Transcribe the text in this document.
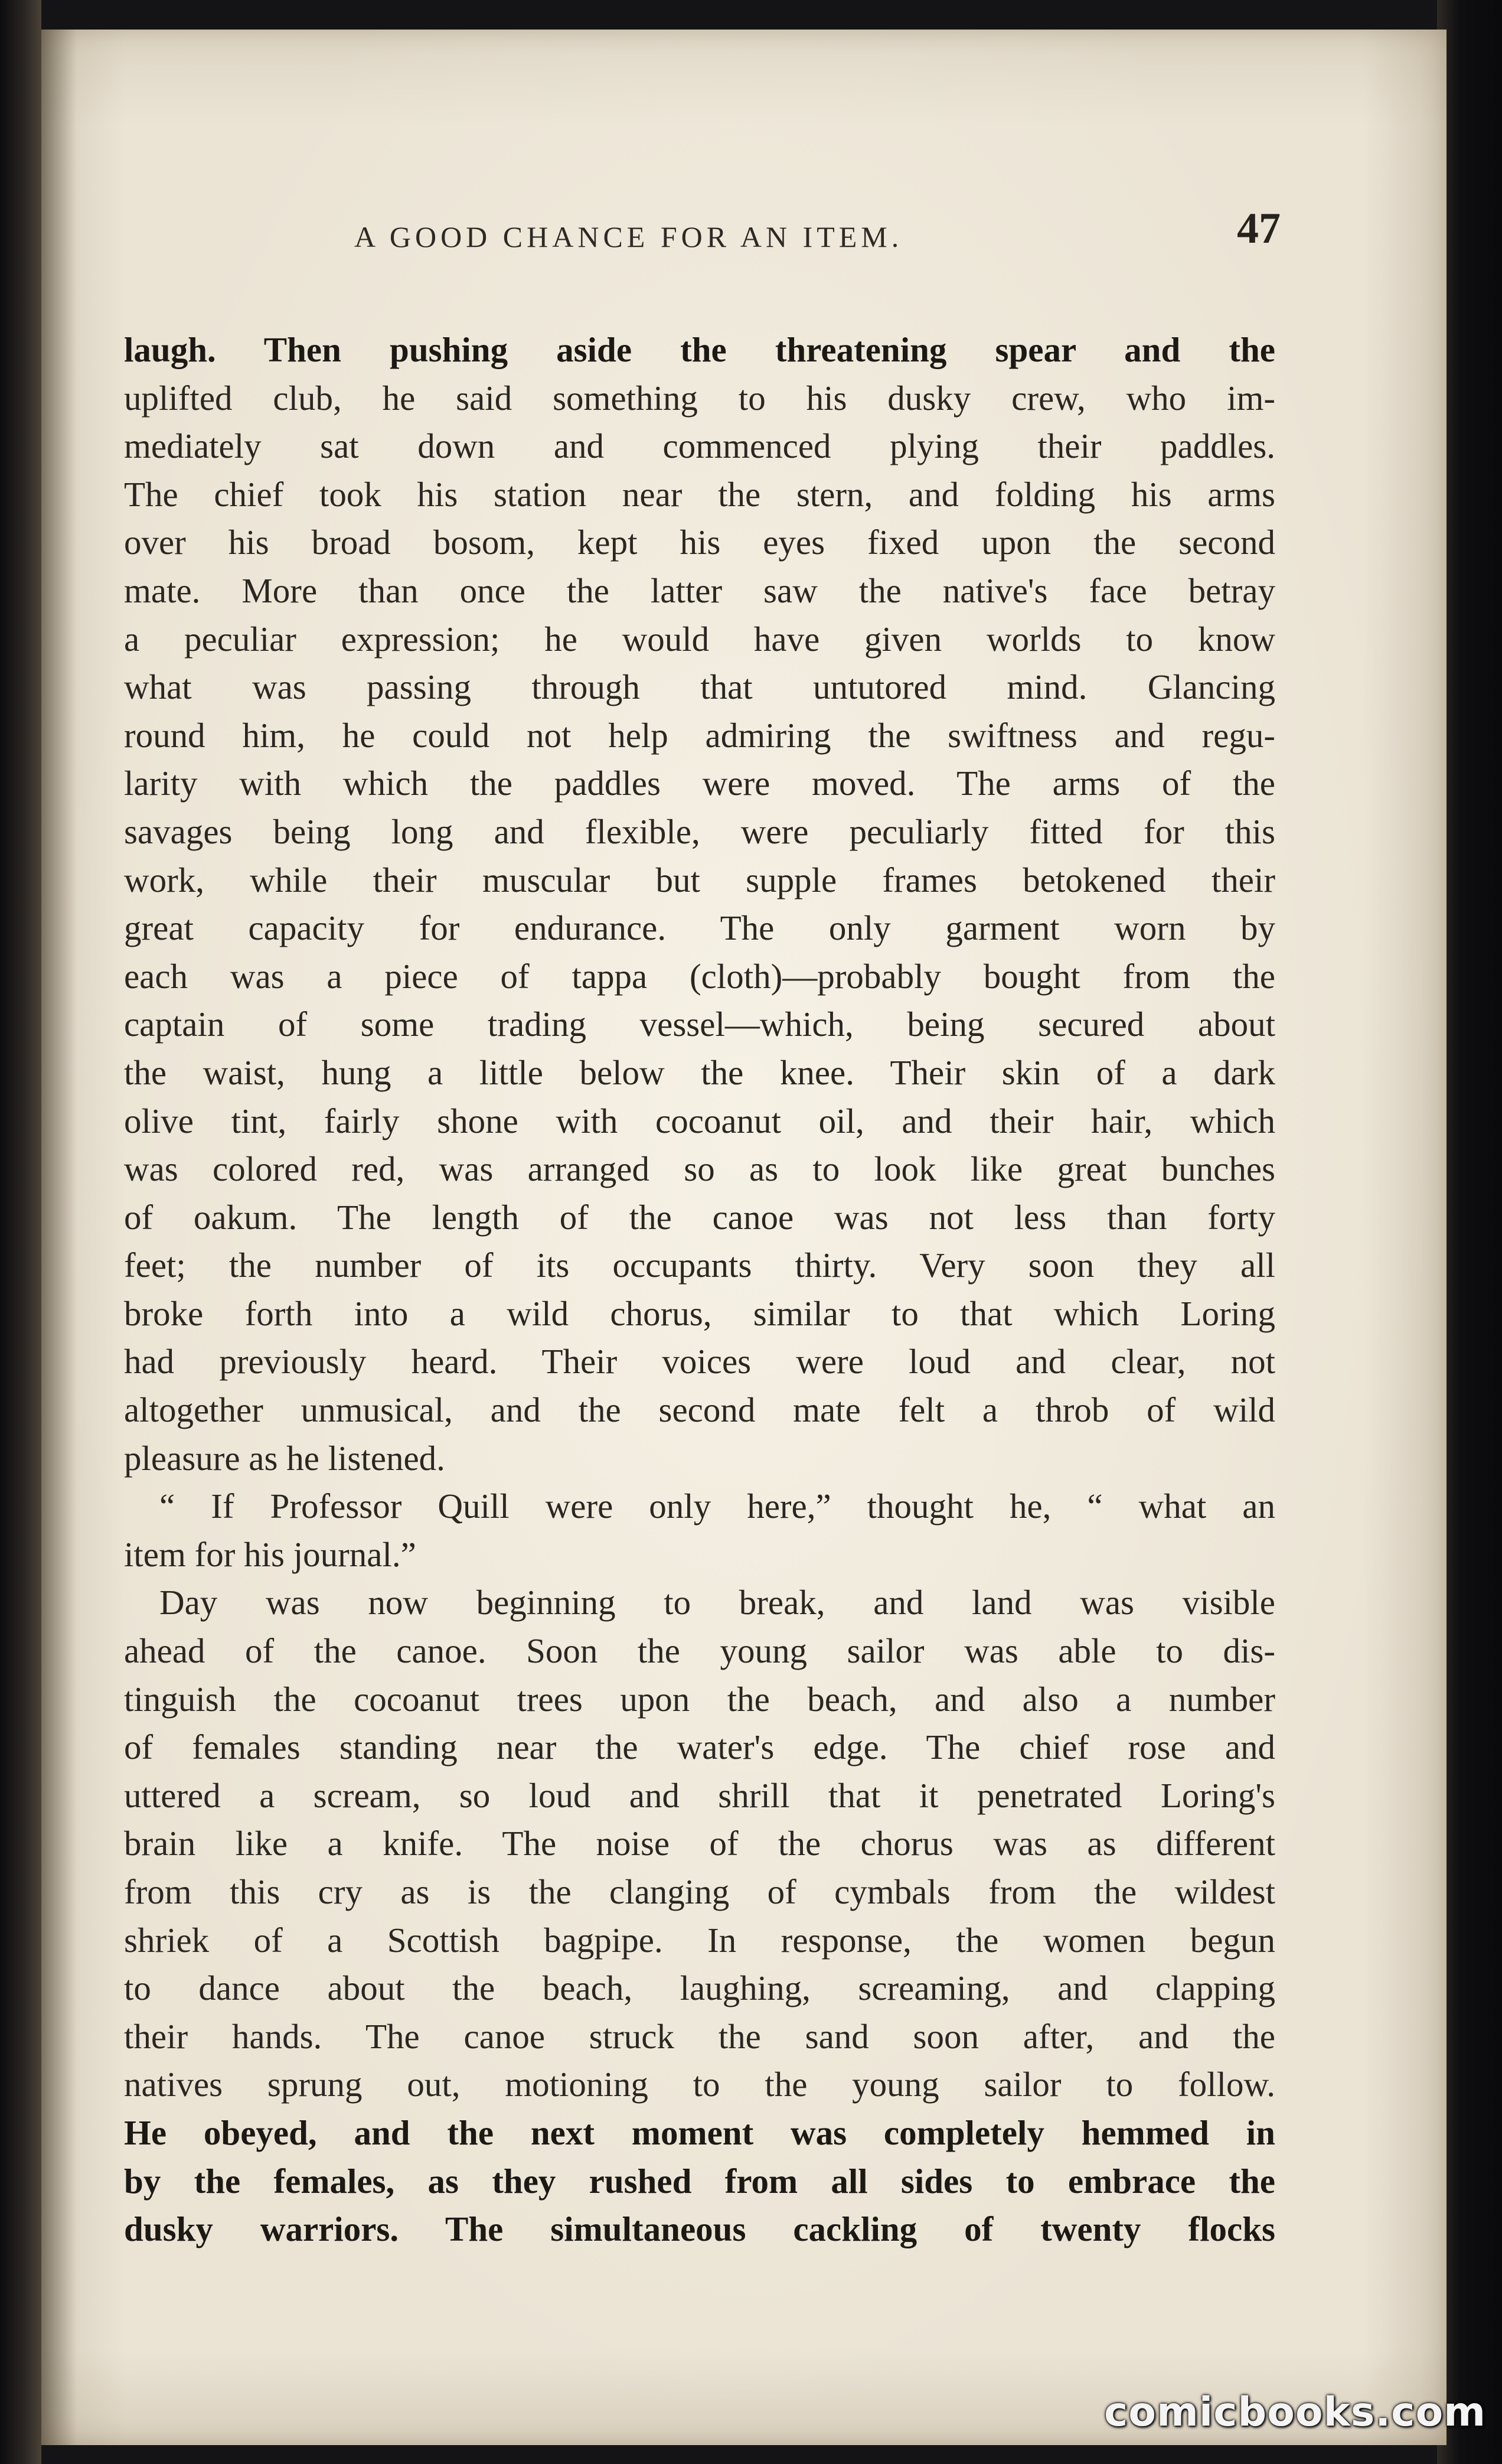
A GOOD CHANCE FOR AN ITEM.	47
laugh. Then pushing aside the threatening spear and the
uplifted club, he said something to his dusky crew, who im-
mediately sat down and commenced plying their paddles.
The chief took his station near the stern, and folding his arms
over his broad bosom, kept his eyes fixed upon the second
mate. More than once the latter saw the native's face betray
a peculiar expression; he would have given worlds to know
what was passing through that untutored mind. Glancing
round him, he could not help admiring the swiftness and regu-
larity with which the paddles were moved. The arms of the
savages being long and flexible, were peculiarly fitted for this
work, while their muscular but supple frames betokened their
great capacity for endurance. The only garment worn by
each was a piece of tappa (cloth)—probably bought from the
captain of some trading vessel—which, being secured about
the waist, hung a little below the knee. Their skin of a dark
olive tint, fairly shone with cocoanut oil, and their hair, which
was colored red, was arranged so as to look like great bunches
of oakum. The length of the canoe was not less than forty
feet; the number of its occupants thirty. Very soon they all
broke forth into a wild chorus, similar to that which Loring
had previously heard. Their voices were loud and clear, not
altogether unmusical, and the second mate felt a throb of wild
pleasure as he listened.
“ If Professor Quill were only here,” thought he, “ what an
item for his journal.”
Day was now beginning to break, and land was visible
ahead of the canoe. Soon the young sailor was able to dis-
tinguish the cocoanut trees upon the beach, and also a number
of females standing near the water's edge. The chief rose and
uttered a scream, so loud and shrill that it penetrated Loring's
brain like a knife. The noise of the chorus was as different
from this cry as is the clanging of cymbals from the wildest
shriek of a Scottish bagpipe. In response, the women begun
to dance about the beach, laughing, screaming, and clapping
their hands. The canoe struck the sand soon after, and the
natives sprung out, motioning to the young sailor to follow.
He obeyed, and the next moment was completely hemmed in
by the females, as they rushed from all sides to embrace the
dusky warriors. The simultaneous cackling of twenty flocks
comicbooks.com
